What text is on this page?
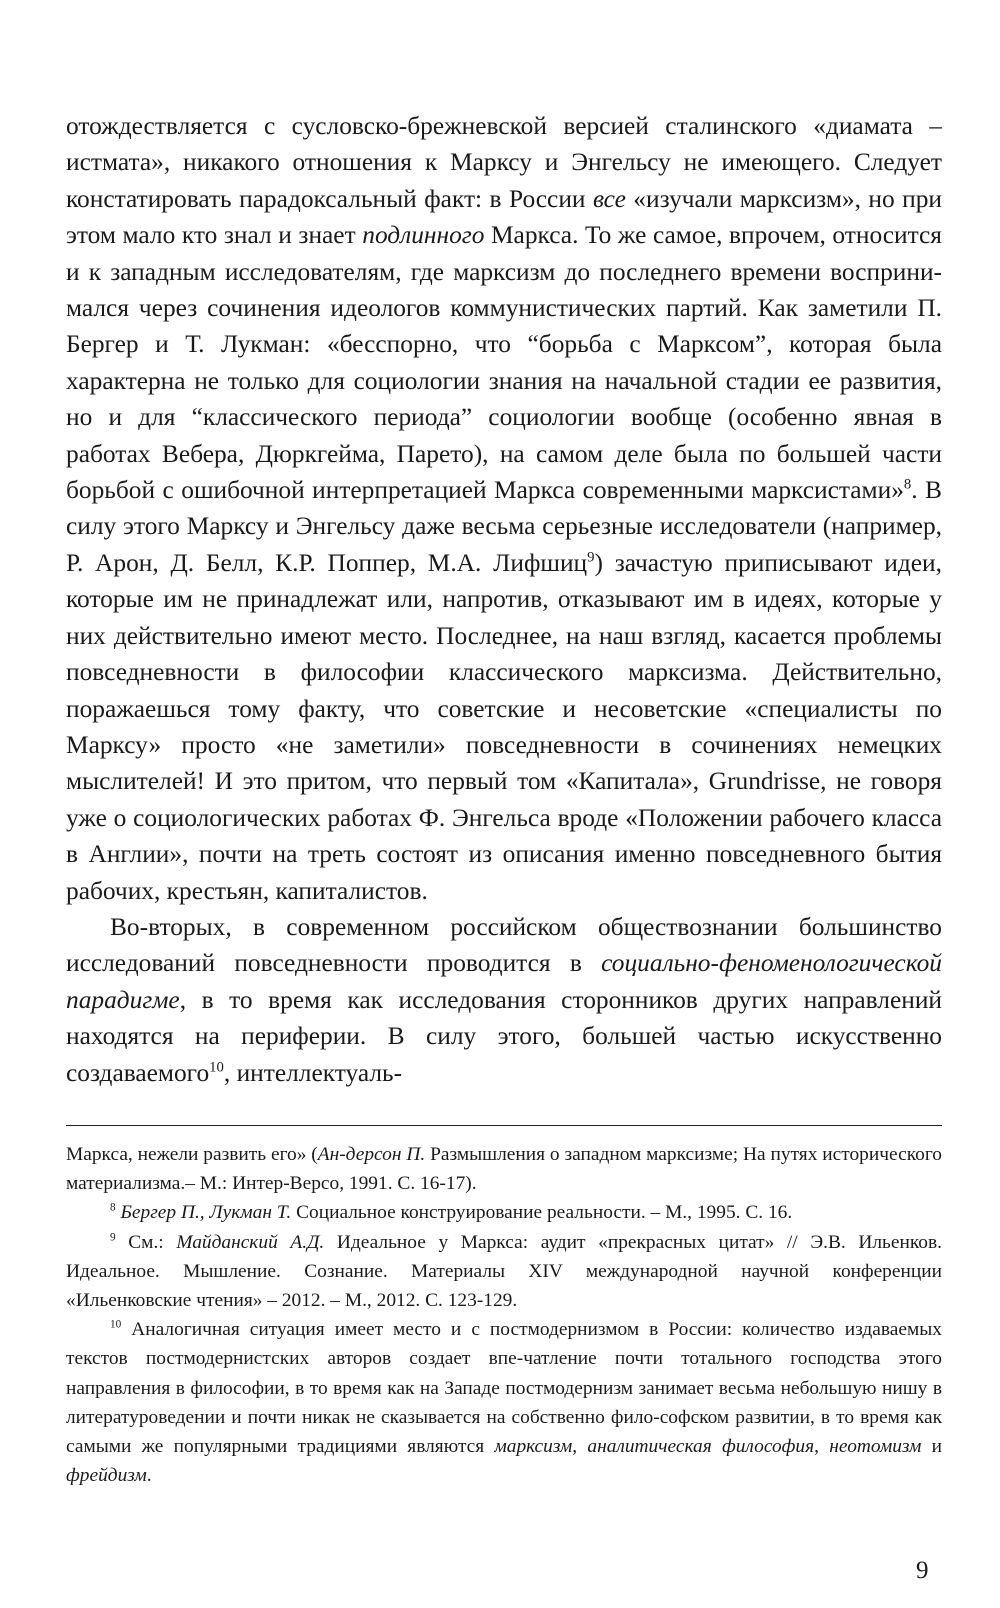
отождествляется с сусловско-брежневской версией сталинского «диамата – истмата», никакого отношения к Марксу и Энгельсу не имеющего. Следует констатировать парадоксальный факт: в России все «изучали марксизм», но при этом мало кто знал и знает подлинного Маркса. То же самое, впрочем, относится и к западным исследователям, где марксизм до последнего времени воспринимался через сочинения идеологов коммунистических партий. Как заметили П. Бергер и Т. Лукман: «бесспорно, что “борьба с Марксом”, которая была характерна не только для социологии знания на начальной стадии ее развития, но и для “классического периода” социологии вообще (особенно явная в работах Вебера, Дюркгейма, Парето), на самом деле была по большей части борьбой с ошибочной интерпретацией Маркса современными марксистами»$^8$. В силу этого Марксу и Энгельсу даже весьма серьезные исследователи (например, Р. Арон, Д. Белл, К.Р. Поппер, М.А. Лифшиц$^9$) зачастую приписывают идеи, которые им не принадлежат или, напротив, отказывают им в идеях, которые у них действительно имеют место. Последнее, на наш взгляд, касается проблемы повседневности в философии классического марксизма. Действительно, поражаешься тому факту, что советские и несоветские «специалисты по Марксу» просто «не заметили» повседневности в сочинениях немецких мыслителей! И это притом, что первый том «Капитала», Grundrisse, не говоря уже о социологических работах Ф. Энгельса вроде «Положении рабочего класса в Англии», почти на треть состоят из описания именно повседневного бытия рабочих, крестьян, капиталистов.

Во-вторых, в современном российском обществознании большинство исследований повседневности проводится в социально-феноменологической парадигме, в то время как исследования сторонников других направлений находятся на периферии. В силу этого, большей частью искусственно создаваемого$^{10}$, интеллектуаль-

Маркса, нежели развить его» (Ан-дерсон П. Размышления о западном марксизме; На путях исторического материализма.– М.: Интер-Версо, 1991. С. 16-17).

$^8$ Бергер П., Лукман Т. Социальное конструирование реальности. – М., 1995. С. 16.

$^9$ См.: Майданский А.Д. Идеальное у Маркса: аудит «прекрасных цитат» // Э.В. Ильенков. Идеальное. Мышление. Сознание. Материалы XIV международной научной конференции «Ильенковские чтения» – 2012. – М., 2012. С. 123-129.

$^{10}$ Аналогичная ситуация имеет место и с постмодернизмом в России: количество издаваемых текстов постмодернистских авторов создает впе-чатление почти тотального господства этого направления в философии, в то время как на Западе постмодернизм занимает весьма небольшую нишу в литературоведении и почти никак не сказывается на собственно фило-софском развитии, в то время как самыми же популярными традициями являются марксизм, аналитическая философия, неотомизм и фрейдизм.

9
